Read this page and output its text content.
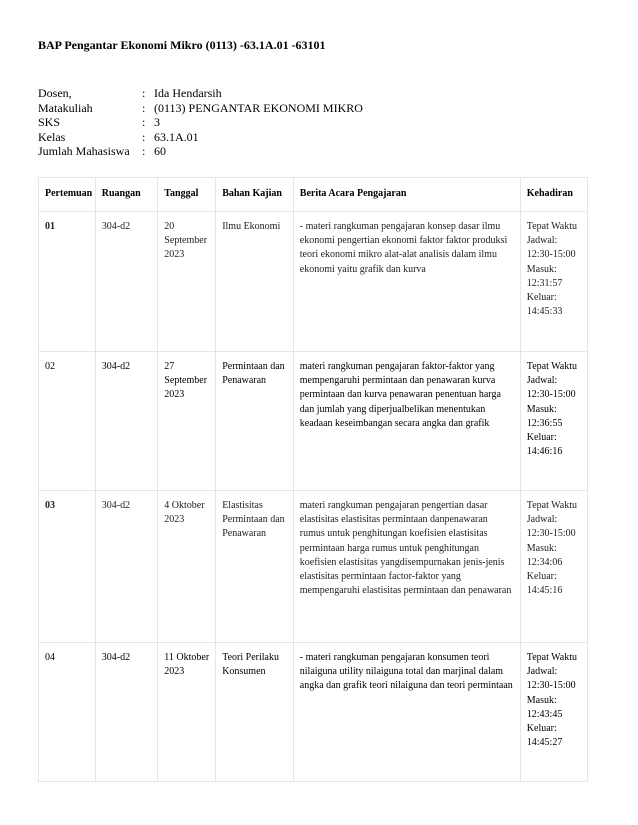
BAP Pengantar Ekonomi Mikro (0113) -63.1A.01 -63101
Dosen,	: Ida Hendarsih
Matakuliah	: (0113) PENGANTAR EKONOMI MIKRO
SKS	: 3
Kelas	: 63.1A.01
Jumlah Mahasiswa	: 60
Pertemuan	Ruangan	Tanggal	Bahan Kajian	Berita Acara Pengajaran	Kehadiran
01	304-d2	20 September 2023	Ilmu Ekonomi	- materi rangkuman pengajaran konsep dasar ilmu ekonomi pengertian ekonomi faktor faktor produksi teori ekonomi mikro alat-alat analisis dalam ilmu ekonomi yaitu grafik dan kurva	Tepat Waktu Jadwal: 12:30-15:00 Masuk: 12:31:57 Keluar: 14:45:33
02	304-d2	27 September 2023	Permintaan dan Penawaran	materi rangkuman pengajaran faktor-faktor yang mempengaruhi permintaan dan penawaran kurva permintaan dan kurva penawaran penentuan harga dan jumlah yang diperjualbelikan menentukan keadaan keseimbangan secara angka dan grafik	Tepat Waktu Jadwal: 12:30-15:00 Masuk: 12:36:55 Keluar: 14:46:16
03	304-d2	4 Oktober 2023	Elastisitas Permintaan dan Penawaran	materi rangkuman pengajaran pengertian dasar elastisitas elastisitas permintaan danpenawaran rumus untuk penghitungan koefisien elastisitas permintaan harga rumus untuk penghitungan koefisien elastisitas yangdisempurnakan jenis-jenis elastisitas permintaan factor-faktor yang mempengaruhi elastisitas permintaan dan penawaran	Tepat Waktu Jadwal: 12:30-15:00 Masuk: 12:34:06 Keluar: 14:45:16
04	304-d2	11 Oktober 2023	Teori Perilaku Konsumen	- materi rangkuman pengajaran konsumen teori nilaiguna utility nilaiguna total dan marjinal dalam angka dan grafik teori nilaiguna dan teori permintaan	Tepat Waktu Jadwal: 12:30-15:00 Masuk: 12:43:45 Keluar: 14:45:27
